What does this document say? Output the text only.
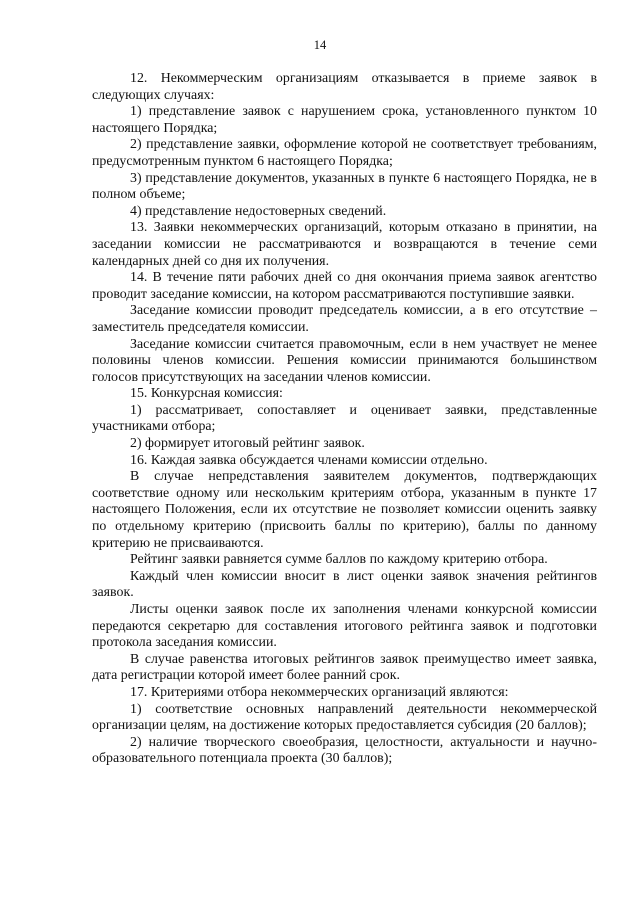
14

12. Некоммерческим организациям отказывается в приеме заявок в следующих случаях:

1) представление заявок с нарушением срока, установленного пунктом 10 настоящего Порядка;

2) представление заявки, оформление которой не соответствует требованиям, предусмотренным пунктом 6 настоящего Порядка;

3) представление документов, указанных в пункте 6 настоящего Порядка, не в полном объеме;

4) представление недостоверных сведений.

13. Заявки некоммерческих организаций, которым отказано в принятии, на заседании комиссии не рассматриваются и возвращаются в течение семи календарных дней со дня их получения.

14. В течение пяти рабочих дней со дня окончания приема заявок агентство проводит заседание комиссии, на котором рассматриваются поступившие заявки.

Заседание комиссии проводит председатель комиссии, а в его отсутствие – заместитель председателя комиссии.

Заседание комиссии считается правомочным, если в нем участвует не менее половины членов комиссии. Решения комиссии принимаются большинством голосов присутствующих на заседании членов комиссии.

15. Конкурсная комиссия:

1) рассматривает, сопоставляет и оценивает заявки, представленные участниками отбора;

2) формирует итоговый рейтинг заявок.

16. Каждая заявка обсуждается членами комиссии отдельно.

В случае непредставления заявителем документов, подтверждающих соответствие одному или нескольким критериям отбора, указанным в пункте 17 настоящего Положения, если их отсутствие не позволяет комиссии оценить заявку по отдельному критерию (присвоить баллы по критерию), баллы по данному критерию не присваиваются.

Рейтинг заявки равняется сумме баллов по каждому критерию отбора.

Каждый член комиссии вносит в лист оценки заявок значения рейтингов заявок.

Листы оценки заявок после их заполнения членами конкурсной комиссии передаются секретарю для составления итогового рейтинга заявок и подготовки протокола заседания комиссии.

В случае равенства итоговых рейтингов заявок преимущество имеет заявка, дата регистрации которой имеет более ранний срок.

17. Критериями отбора некоммерческих организаций являются:

1) соответствие основных направлений деятельности некоммерческой организации целям, на достижение которых предоставляется субсидия (20 баллов);

2) наличие творческого своеобразия, целостности, актуальности и научно-образовательного потенциала проекта (30 баллов);
